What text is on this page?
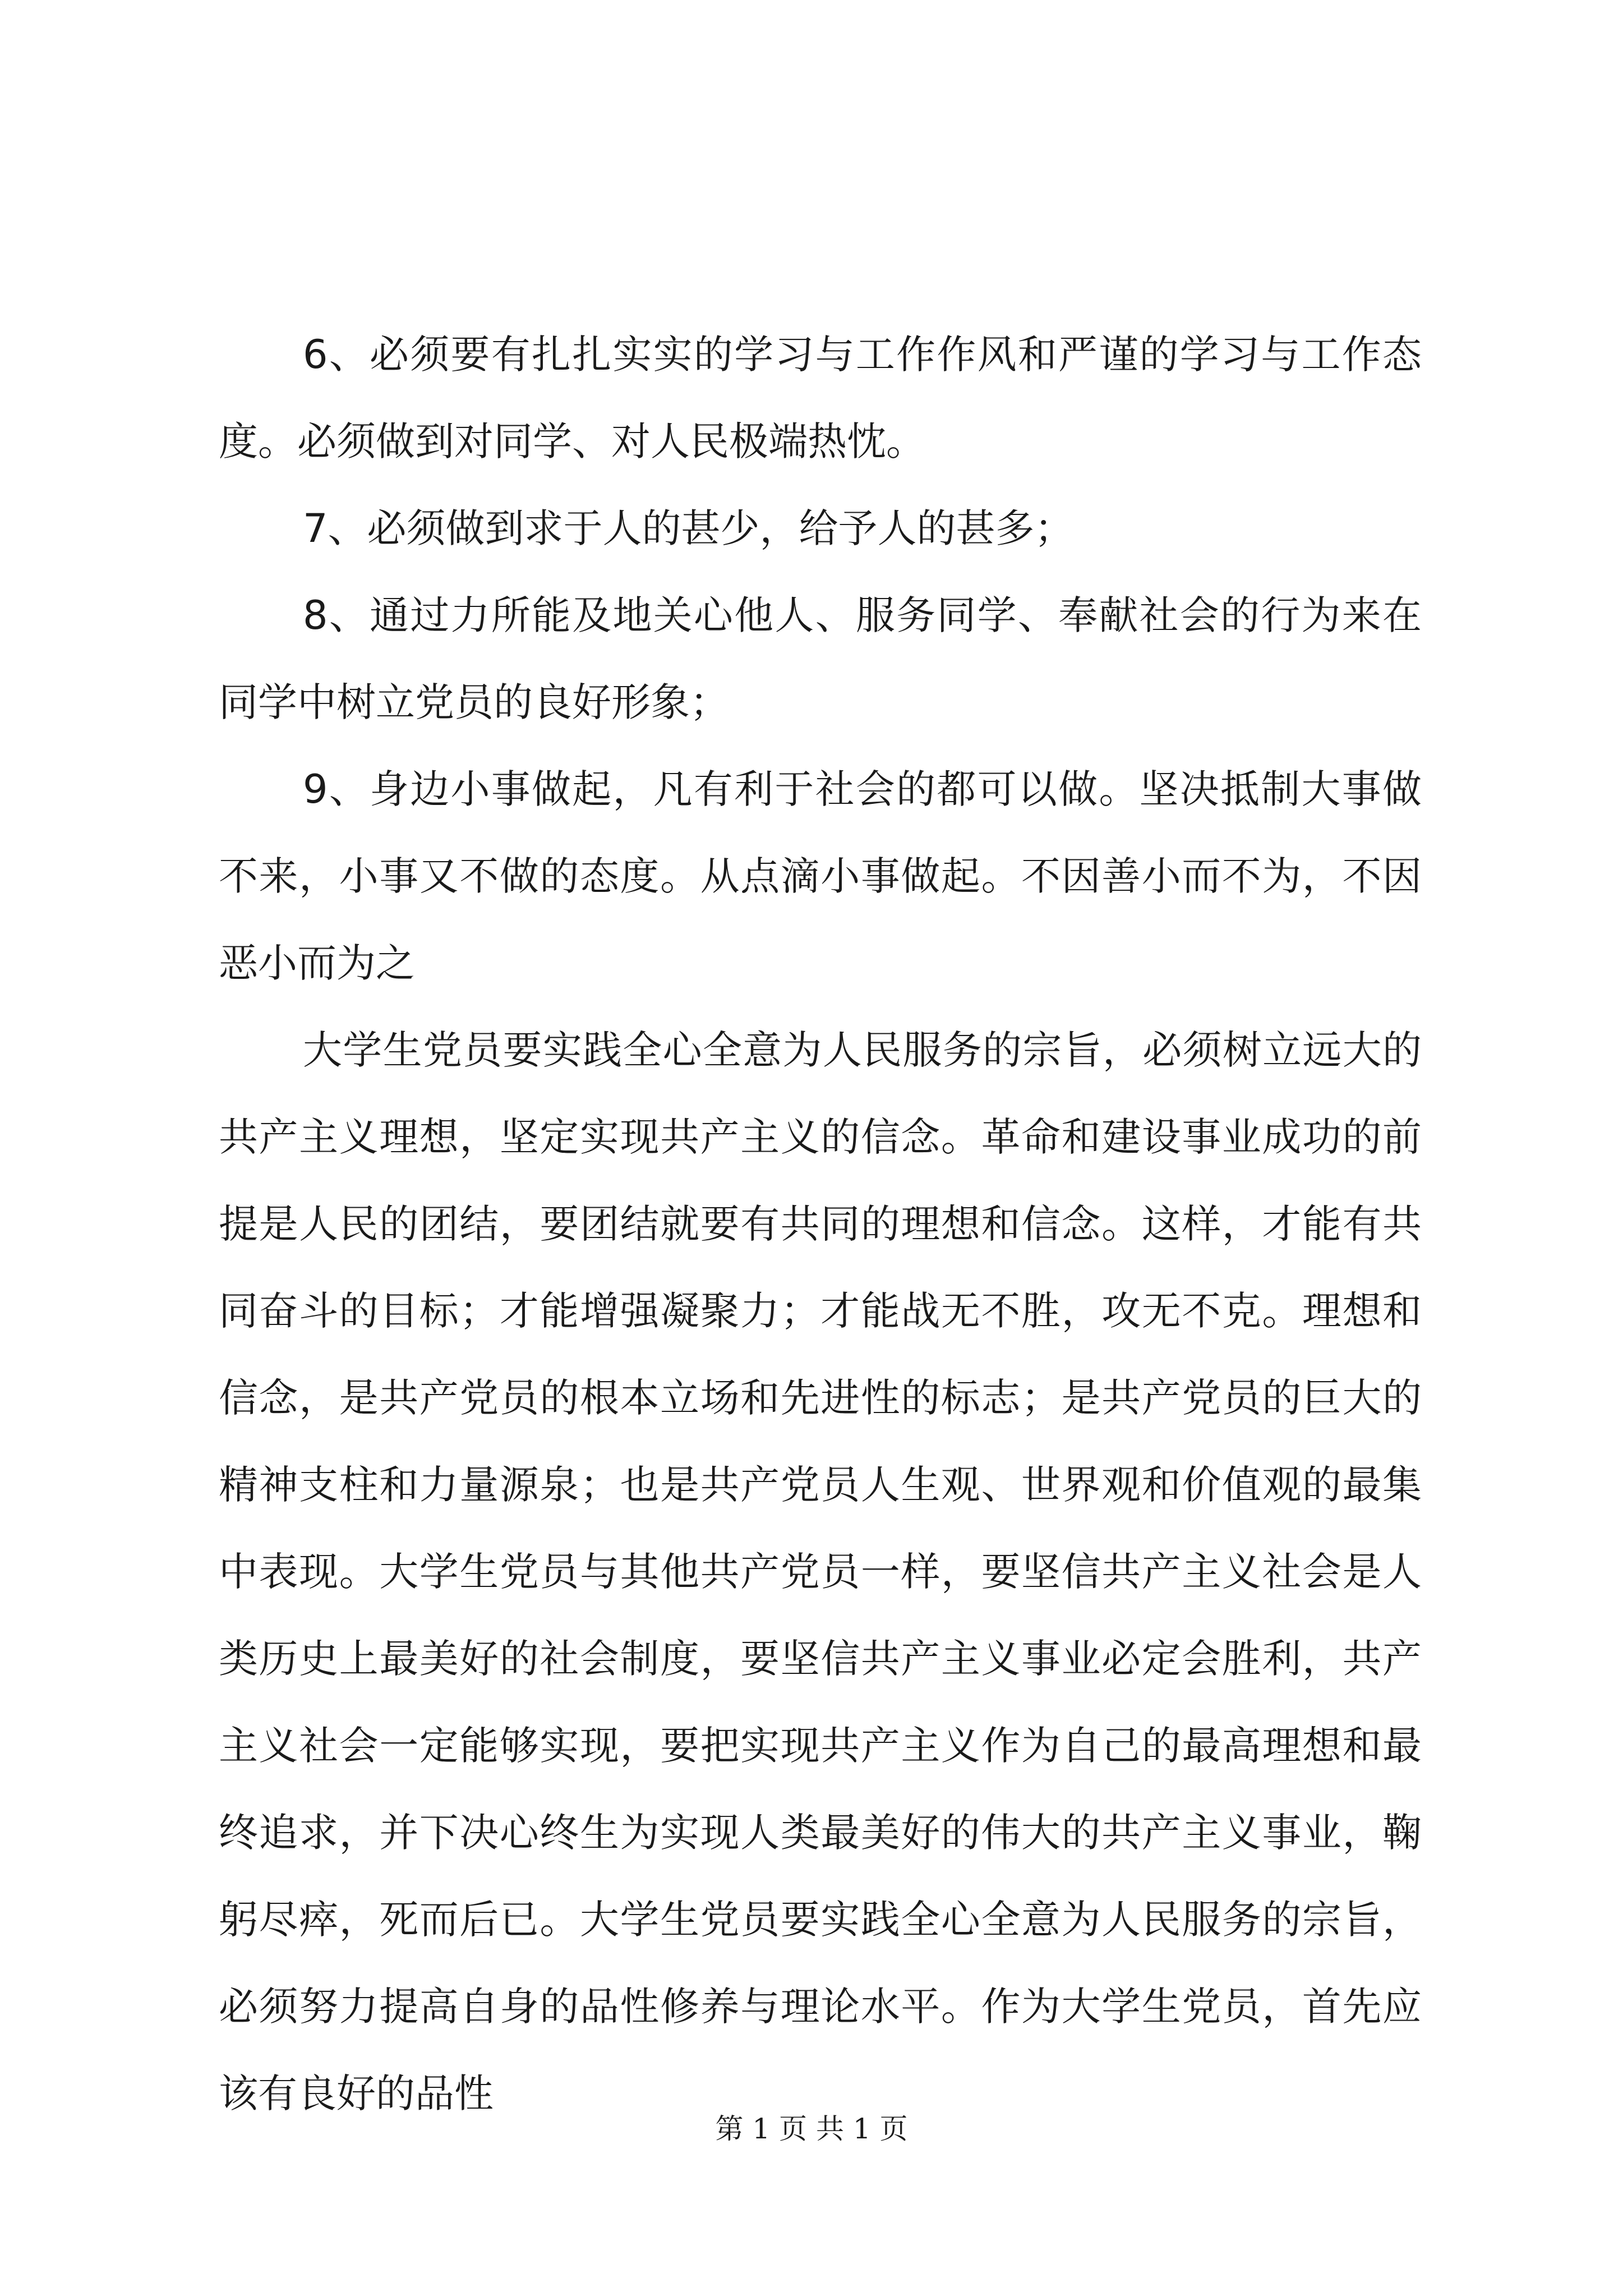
6、必须要有扎扎实实的学习与工作作风和严谨的学习与工作态度。必须做到对同学、对人民极端热忱。

7、必须做到求于人的甚少，给予人的甚多；

8、通过力所能及地关心他人、服务同学、奉献社会的行为来在同学中树立党员的良好形象；

9、身边小事做起，凡有利于社会的都可以做。坚决抵制大事做不来，小事又不做的态度。从点滴小事做起。不因善小而不为，不因恶小而为之

大学生党员要实践全心全意为人民服务的宗旨，必须树立远大的共产主义理想，坚定实现共产主义的信念。革命和建设事业成功的前提是人民的团结，要团结就要有共同的理想和信念。这样，才能有共同奋斗的目标；才能增强凝聚力；才能战无不胜，攻无不克。理想和信念，是共产党员的根本立场和先进性的标志；是共产党员的巨大的精神支柱和力量源泉；也是共产党员人生观、世界观和价值观的最集中表现。大学生党员与其他共产党员一样，要坚信共产主义社会是人类历史上最美好的社会制度，要坚信共产主义事业必定会胜利，共产主义社会一定能够实现，要把实现共产主义作为自己的最高理想和最终追求，并下决心终生为实现人类最美好的伟大的共产主义事业，鞠躬尽瘁，死而后已。大学生党员要实践全心全意为人民服务的宗旨，必须努力提高自身的品性修养与理论水平。作为大学生党员，首先应该有良好的品性

第 1 页 共 1 页
